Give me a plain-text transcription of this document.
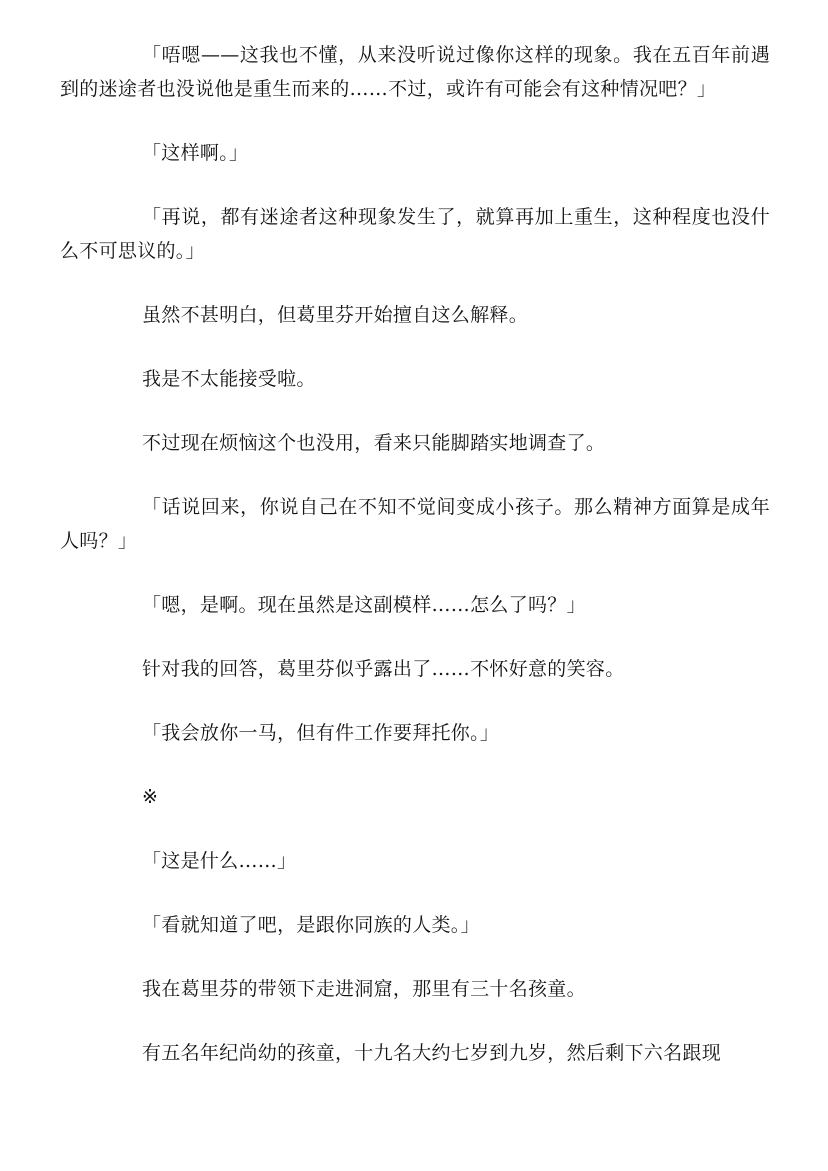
「唔嗯——这我也不懂，从来没听说过像你这样的现象。我在五百年前遇到的迷途者也没说他是重生而来的……不过，或许有可能会有这种情况吧？」

「这样啊。」

「再说，都有迷途者这种现象发生了，就算再加上重生，这种程度也没什么不可思议的。」

虽然不甚明白，但葛里芬开始擅自这么解释。

我是不太能接受啦。

不过现在烦恼这个也没用，看来只能脚踏实地调查了。

「话说回来，你说自己在不知不觉间变成小孩子。那么精神方面算是成年人吗？」

「嗯，是啊。现在虽然是这副模样……怎么了吗？」

针对我的回答，葛里芬似乎露出了……不怀好意的笑容。

「我会放你一马，但有件工作要拜托你。」

※

「这是什么……」

「看就知道了吧，是跟你同族的人类。」

我在葛里芬的带领下走进洞窟，那里有三十名孩童。

有五名年纪尚幼的孩童，十九名大约七岁到九岁，然后剩下六名跟现
